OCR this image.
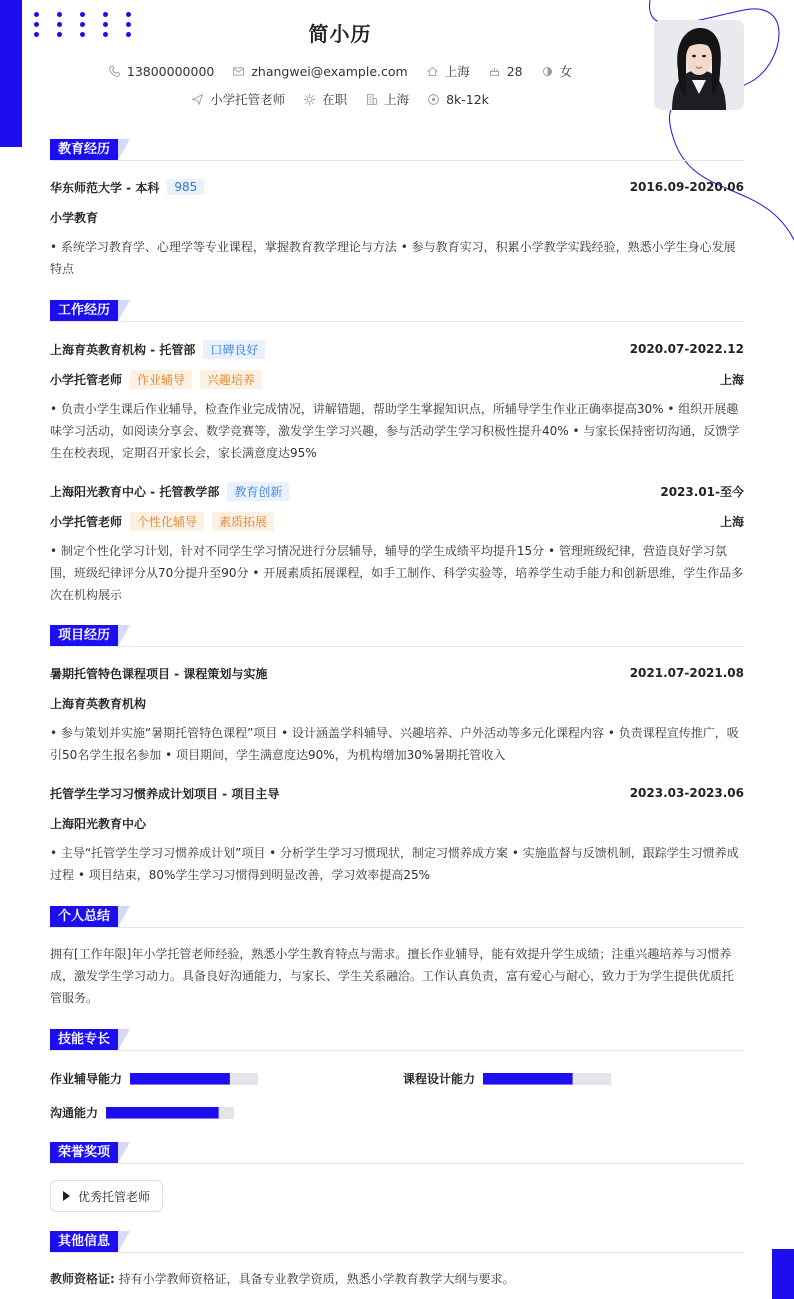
简小历
13800000000
	zhangwei@example.com
	上海
	28
	女
小学托管老师
	在职
	上海
	8k-12k
教育经历
华东师范大学 - 本科	985	2016.09-2020.06
小学教育
• 系统学习教育学、心理学等专业课程，掌握教育教学理论与方法 • 参与教育实习，积累小学教学实践经验，熟悉小学生身心发展特点
工作经历
上海育英教育机构 - 托管部	口碑良好	2020.07-2022.12
小学托管老师	作业辅导	兴趣培养	上海
• 负责小学生课后作业辅导，检查作业完成情况，讲解错题，帮助学生掌握知识点，所辅导学生作业正确率提高30% • 组织开展趣味学习活动，如阅读分享会、数学竞赛等，激发学生学习兴趣，参与活动学生学习积极性提升40% • 与家长保持密切沟通，反馈学生在校表现，定期召开家长会，家长满意度达95%
上海阳光教育中心 - 托管教学部	教育创新	2023.01-至今
小学托管老师	个性化辅导	素质拓展	上海
• 制定个性化学习计划，针对不同学生学习情况进行分层辅导，辅导的学生成绩平均提升15分 • 管理班级纪律，营造良好学习氛围，班级纪律评分从70分提升至90分 • 开展素质拓展课程，如手工制作、科学实验等，培养学生动手能力和创新思维，学生作品多次在机构展示
项目经历
暑期托管特色课程项目 - 课程策划与实施	2021.07-2021.08
上海育英教育机构
• 参与策划并实施“暑期托管特色课程”项目 • 设计涵盖学科辅导、兴趣培养、户外活动等多元化课程内容 • 负责课程宣传推广，吸引50名学生报名参加 • 项目期间，学生满意度达90%，为机构增加30%暑期托管收入
托管学生学习习惯养成计划项目 - 项目主导	2023.03-2023.06
上海阳光教育中心
• 主导“托管学生学习习惯养成计划”项目 • 分析学生学习习惯现状，制定习惯养成方案 • 实施监督与反馈机制，跟踪学生习惯养成过程 • 项目结束，80%学生学习习惯得到明显改善，学习效率提高25%
个人总结
拥有[工作年限]年小学托管老师经验，熟悉小学生教育特点与需求。擅长作业辅导，能有效提升学生成绩；注重兴趣培养与习惯养成，激发学生学习动力。具备良好沟通能力，与家长、学生关系融洽。工作认真负责，富有爱心与耐心，致力于为学生提供优质托管服务。
技能专长
作业辅导能力	课程设计能力
沟通能力
荣誉奖项
优秀托管老师
其他信息
教师资格证: 持有小学教师资格证，具备专业教学资质，熟悉小学教育教学大纲与要求。
